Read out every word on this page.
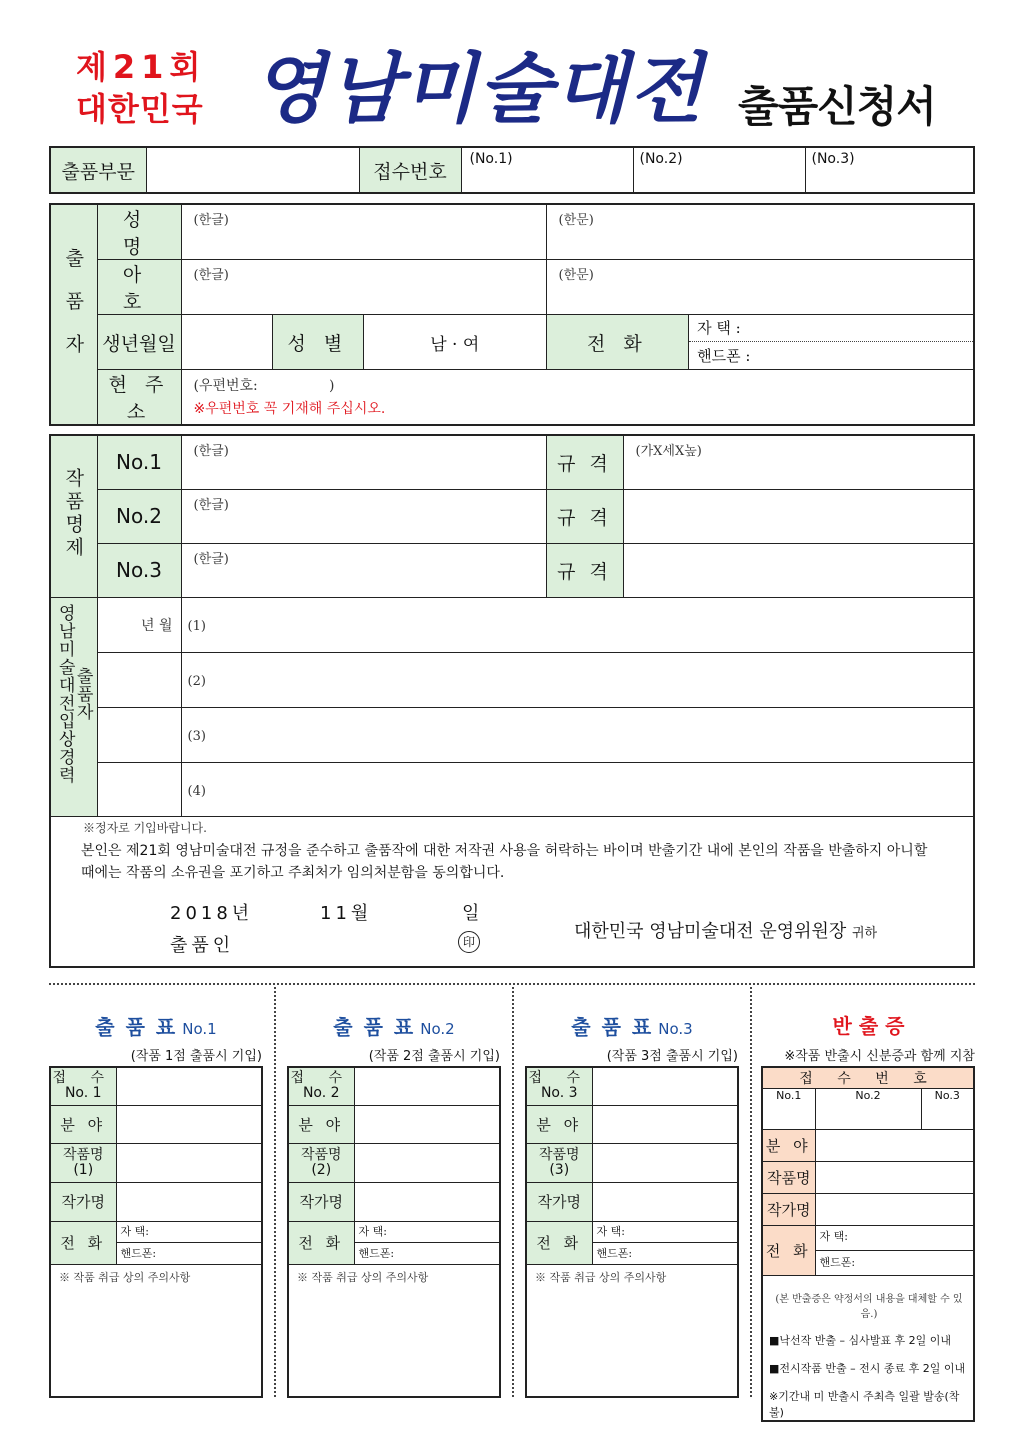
제21회
대한민국 영남미술대전 출품신청서
출품부문		접수번호	(No.1)	(No.2)	(No.3)
출품자	성 명	(한글)			(한문)	

	아 호	(한글)			(한문)	

	생년월일		성 별	남 · 여	전 화	자 택 :
핸드폰 :

	현 주 소	(우편번호:                )
※우편번호 꼭 기재해 주십시오.				
작품명제	No.1	(한글)	규 격	(가X세X높)

	No.2	(한글)	규 격	
	No.3	(한글)	규 격	

영남미술대전입상경력
출품자	년 월	(1)		
		(2)		
		(3)		
		(4)		

※정자로 기입바랍니다.
본인은 제21회 영남미술대전 규정을 준수하고 출품작에 대한 저작권 사용을 허락하는 바이며 반출기간 내에 본인의 작품을 반출하지 아니할
때에는 작품의 소유권을 포기하고 주최처가 임의처분함을 동의합니다.				
2018년	11월	일
출품인	印	대한민국 영남미술대전 운영위원장 귀하
출 품 표 No.1
(작품 1점 출품시 기입)
접 수
No. 1	

분 야	

작품명
(1)	

작가명	
전 화	자 택:
핸드폰:

※ 작품 취급 상의 주의사항	
출 품 표 No.2
(작품 2점 출품시 기입)
접 수
No. 2	

분 야	

작품명
(2)	

작가명	
전 화	자 택:
핸드폰:

※ 작품 취급 상의 주의사항	
출 품 표 No.3
(작품 3점 출품시 기입)
접 수
No. 3	

분 야	

작품명
(3)	

작가명	
전 화	자 택:
핸드폰:

※ 작품 취급 상의 주의사항	
반 출 증
※작품 반출시 신분증과 함께 지참
접 수 번 호		
No.1	No.2	No.3
분 야		
작품명		
작가명		
전 화	자 택:
핸드폰:	

(본 반출증은 약정서의 내용을 대체할 수 있음.)
■낙선작 반출 – 심사발표 후 2일 이내
■전시작품 반출 – 전시 종료 후 2일 이내
※기간내 미 반출시 주최측 일괄 발송(착불)		
